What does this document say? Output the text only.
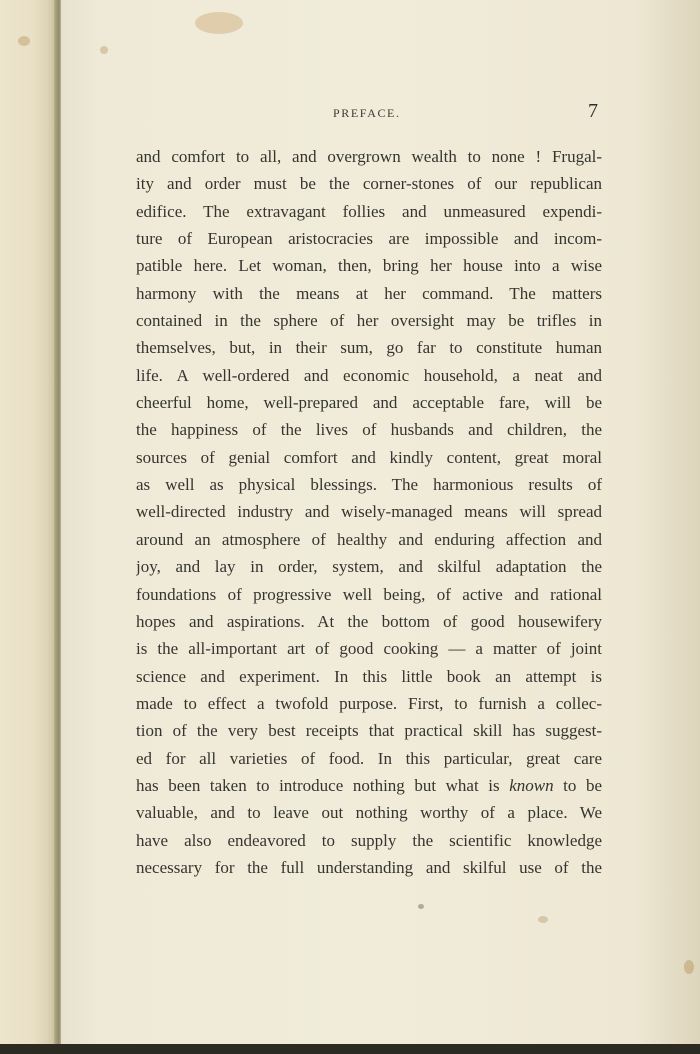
PREFACE.	7
and comfort to all, and overgrown wealth to none ! Frugal-
ity and order must be the corner-stones of our republican
edifice. The extravagant follies and unmeasured expendi-
ture of European aristocracies are impossible and incom-
patible here. Let woman, then, bring her house into a wise
harmony with the means at her command. The matters
contained in the sphere of her oversight may be trifles in
themselves, but, in their sum, go far to constitute human
life. A well-ordered and economic household, a neat and
cheerful home, well-prepared and acceptable fare, will be
the happiness of the lives of husbands and children, the
sources of genial comfort and kindly content, great moral
as well as physical blessings. The harmonious results of
well-directed industry and wisely-managed means will spread
around an atmosphere of healthy and enduring affection and
joy, and lay in order, system, and skilful adaptation the
foundations of progressive well being, of active and rational
hopes and aspirations. At the bottom of good housewifery
is the all-important art of good cooking — a matter of joint
science and experiment. In this little book an attempt is
made to effect a twofold purpose. First, to furnish a collec-
tion of the very best receipts that practical skill has suggest-
ed for all varieties of food. In this particular, great care
has been taken to introduce nothing but what is known to be
valuable, and to leave out nothing worthy of a place. We
have also endeavored to supply the scientific knowledge
necessary for the full understanding and skilful use of the
